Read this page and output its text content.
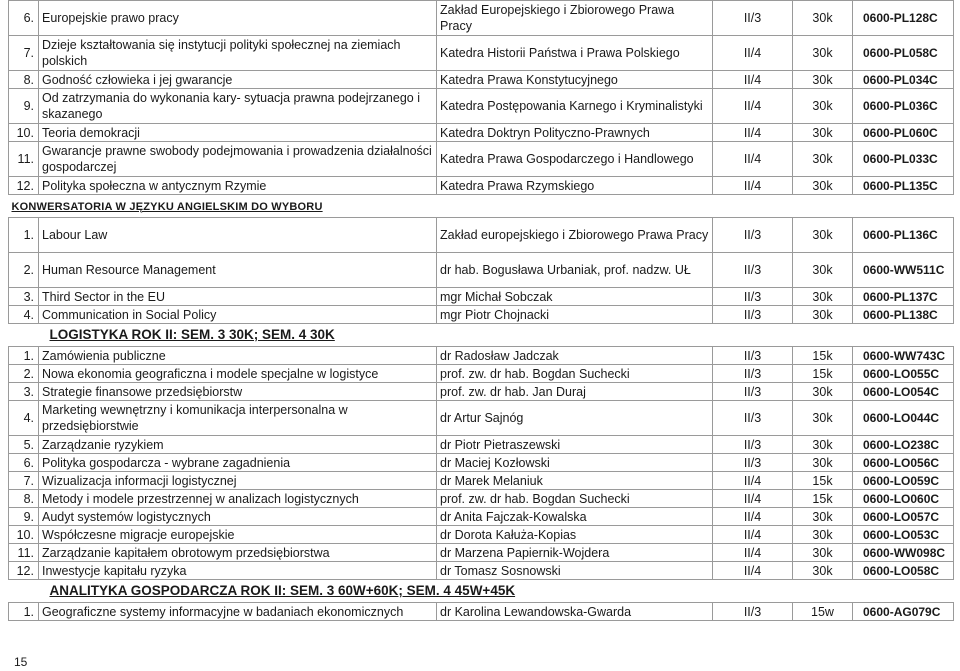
6.	Europejskie prawo pracy	Zakład Europejskiego i Zbiorowego Prawa Pracy	II/3	30k	0600-PL128C
7.	Dzieje kształtowania się instytucji polityki społecznej na ziemiach polskich	Katedra Historii Państwa i Prawa Polskiego	II/4	30k	0600-PL058C
8.	Godność człowieka i jej gwarancje	Katedra Prawa Konstytucyjnego	II/4	30k	0600-PL034C
9.	Od zatrzymania do wykonania kary- sytuacja prawna podejrzanego i skazanego	Katedra Postępowania Karnego i Kryminalistyki	II/4	30k	0600-PL036C
10.	Teoria demokracji	Katedra Doktryn Polityczno-Prawnych	II/4	30k	0600-PL060C
11.	Gwarancje prawne swobody podejmowania i prowadzenia działalności gospodarczej	Katedra Prawa Gospodarczego i Handlowego	II/4	30k	0600-PL033C
12.	Polityka społeczna w antycznym Rzymie	Katedra Prawa Rzymskiego	II/4	30k	0600-PL135C
KONWERSATORIA W JĘZYKU ANGIELSKIM DO WYBORU					
1.	Labour Law	Zakład europejskiego i Zbiorowego Prawa Pracy	II/3	30k	0600-PL136C
2.	Human Resource Management	dr hab. Bogusława Urbaniak, prof. nadzw. UŁ	II/3	30k	0600-WW511C
3.	Third Sector in the EU	mgr Michał Sobczak	II/3	30k	0600-PL137C
4.	Communication in Social Policy	mgr Piotr Chojnacki	II/3	30k	0600-PL138C
LOGISTYKA ROK II: SEM. 3 30K; SEM. 4 30K					
1.	Zamówienia publiczne	dr Radosław Jadczak	II/3	15k	0600-WW743C
2.	Nowa ekonomia geograficzna i modele specjalne w logistyce	prof. zw. dr hab. Bogdan Suchecki	II/3	15k	0600-LO055C
3.	Strategie finansowe przedsiębiorstw	prof. zw. dr hab. Jan Duraj	II/3	30k	0600-LO054C
4.	Marketing wewnętrzny i komunikacja interpersonalna w przedsiębiorstwie	dr Artur Sajnóg	II/3	30k	0600-LO044C
5.	Zarządzanie ryzykiem	dr Piotr Pietraszewski	II/3	30k	0600-LO238C
6.	Polityka gospodarcza - wybrane zagadnienia	dr Maciej Kozłowski	II/3	30k	0600-LO056C
7.	Wizualizacja informacji logistycznej	dr Marek Melaniuk	II/4	15k	0600-LO059C
8.	Metody i modele przestrzennej w analizach logistycznych	prof. zw. dr hab. Bogdan Suchecki	II/4	15k	0600-LO060C
9.	Audyt systemów logistycznych	dr Anita Fajczak-Kowalska	II/4	30k	0600-LO057C
10.	Współczesne migracje europejskie	dr Dorota Kałuża-Kopias	II/4	30k	0600-LO053C
11.	Zarządzanie kapitałem obrotowym przedsiębiorstwa	dr Marzena Papiernik-Wojdera	II/4	30k	0600-WW098C
12.	Inwestycje kapitału ryzyka	dr Tomasz Sosnowski	II/4	30k	0600-LO058C
ANALITYKA GOSPODARCZA ROK II: SEM. 3 60W+60K; SEM. 4 45W+45K					
1.	Geograficzne systemy informacyjne w badaniach ekonomicznych	dr Karolina Lewandowska-Gwarda	II/3	15w	0600-AG079C
15
